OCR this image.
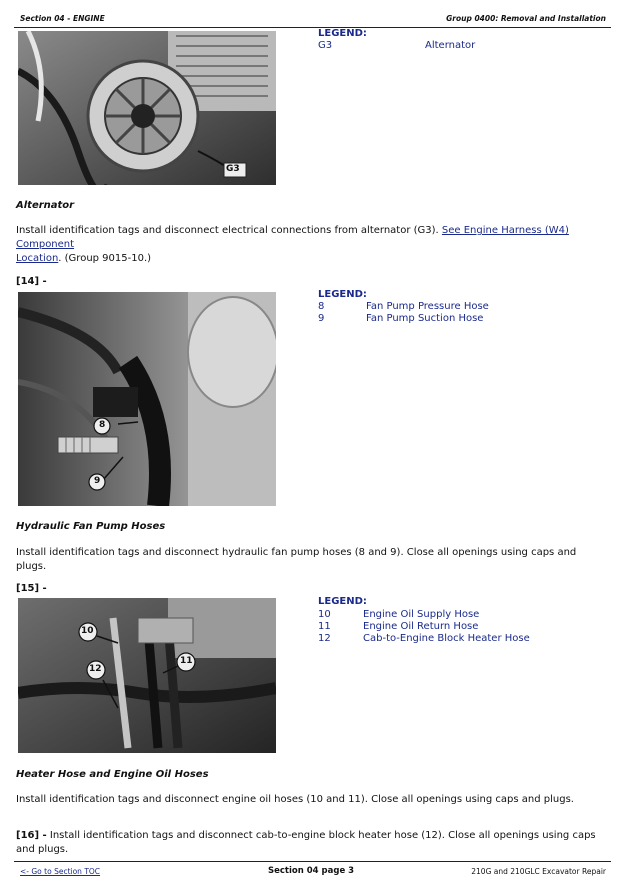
Section 04 - ENGINE	Group 0400: Removal and Installation
G3
LEGEND:
G3	Alternator
Alternator
Install identification tags and disconnect electrical connections from alternator (G3). See Engine Harness (W4) Component
Location. (Group 9015-10.)
[14] -
8
9
LEGEND:
8	Fan Pump Pressure Hose
9	Fan Pump Suction Hose
Hydraulic Fan Pump Hoses
Install identification tags and disconnect hydraulic fan pump hoses (8 and 9). Close all openings using caps and plugs.
[15] -
10
11
12
LEGEND:
10	Engine Oil Supply Hose
11	Engine Oil Return Hose
12	Cab-to-Engine Block Heater Hose
Heater Hose and Engine Oil Hoses
Install identification tags and disconnect engine oil hoses (10 and 11). Close all openings using caps and plugs.
[16] - Install identification tags and disconnect cab-to-engine block heater hose (12). Close all openings using caps and plugs.
<- Go to Section TOC	Section 04 page 3	210G and 210GLC Excavator Repair
